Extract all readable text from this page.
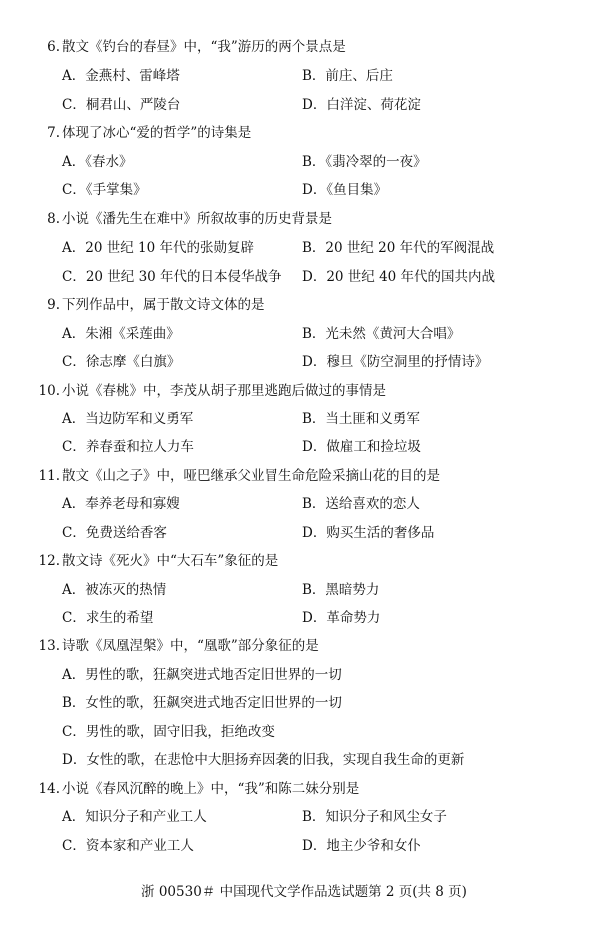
6. 散文《钓台的春昼》中，“我”游历的两个景点是
A．金燕村、雷峰塔	B．前庄、后庄
C．桐君山、严陵台	D．白洋淀、荷花淀
7. 体现了冰心“爱的哲学”的诗集是
A．《春水》	B．《翡冷翠的一夜》
C．《手掌集》	D．《鱼目集》
8. 小说《潘先生在难中》所叙故事的历史背景是
A．20 世纪 10 年代的张勋复辟	B．20 世纪 20 年代的军阀混战
C．20 世纪 30 年代的日本侵华战争 D．20 世纪 40 年代的国共内战
9. 下列作品中，属于散文诗文体的是
A．朱湘《采莲曲》	B．光未然《黄河大合唱》
C．徐志摩《白旗》	D．穆旦《防空洞里的抒情诗》
10. 小说《春桃》中，李茂从胡子那里逃跑后做过的事情是
A．当边防军和义勇军	B．当土匪和义勇军
C．养春蚕和拉人力车	D．做雇工和捡垃圾
11. 散文《山之子》中，哑巴继承父业冒生命危险采摘山花的目的是
A．奉养老母和寡嫂	B．送给喜欢的恋人
C．免费送给香客	D．购买生活的奢侈品
12. 散文诗《死火》中“大石车”象征的是
A．被冻灭的热情	B．黑暗势力
C．求生的希望	D．革命势力
13. 诗歌《凤凰涅槃》中，“凰歌”部分象征的是
A．男性的歌，狂飙突进式地否定旧世界的一切
B．女性的歌，狂飙突进式地否定旧世界的一切
C．男性的歌，固守旧我，拒绝改变
D．女性的歌，在悲怆中大胆扬弃因袭的旧我，实现自我生命的更新
14. 小说《春风沉醉的晚上》中，“我”和陈二妹分别是
A．知识分子和产业工人	B．知识分子和风尘女子
C．资本家和产业工人	D．地主少爷和女仆
浙 00530＃ 中国现代文学作品选试题第 2 页(共 8 页)
